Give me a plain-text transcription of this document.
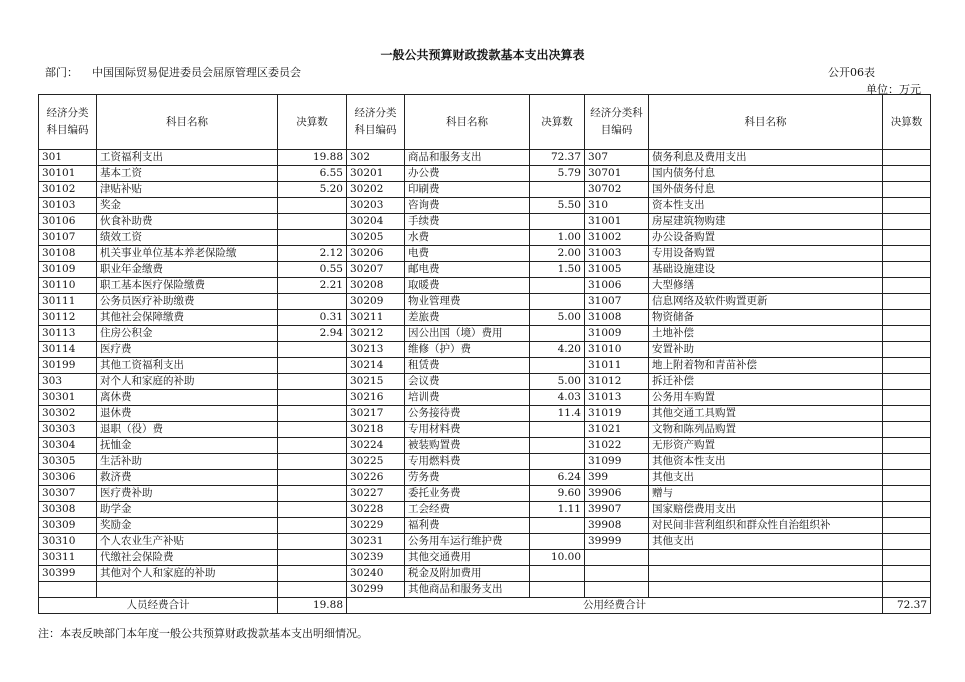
一般公共预算财政拨款基本支出决算表
部门： 中国国际贸易促进委员会屈原管理区委员会	公开06表
单位：万元
经济分类科目编码	科目名称	决算数	经济分类科目编码	科目名称	决算数	经济分类科目编码	科目名称	决算数
301	工资福利支出	19.88	302	商品和服务支出	72.37	307	债务利息及费用支出	
30101	基本工资	6.55	30201	办公费	5.79	30701	国内债务付息	
30102	津贴补贴	5.20	30202	印刷费		30702	国外债务付息	
30103	奖金		30203	咨询费	5.50	310	资本性支出	
30106	伙食补助费		30204	手续费		31001	房屋建筑物购建	
30107	绩效工资		30205	水费	1.00	31002	办公设备购置	
30108	机关事业单位基本养老保险缴	2.12	30206	电费	2.00	31003	专用设备购置	
30109	职业年金缴费	0.55	30207	邮电费	1.50	31005	基础设施建设	
30110	职工基本医疗保险缴费	2.21	30208	取暖费		31006	大型修缮	
30111	公务员医疗补助缴费		30209	物业管理费		31007	信息网络及软件购置更新	
30112	其他社会保障缴费	0.31	30211	差旅费	5.00	31008	物资储备	
30113	住房公积金	2.94	30212	因公出国（境）费用		31009	土地补偿	
30114	医疗费		30213	维修（护）费	4.20	31010	安置补助	
30199	其他工资福利支出		30214	租赁费		31011	地上附着物和青苗补偿	
303	对个人和家庭的补助		30215	会议费	5.00	31012	拆迁补偿	
30301	离休费		30216	培训费	4.03	31013	公务用车购置	
30302	退休费		30217	公务接待费	11.4	31019	其他交通工具购置	
30303	退职（役）费		30218	专用材料费		31021	文物和陈列品购置	
30304	抚恤金		30224	被装购置费		31022	无形资产购置	
30305	生活补助		30225	专用燃料费		31099	其他资本性支出	
30306	救济费		30226	劳务费	6.24	399	其他支出	
30307	医疗费补助		30227	委托业务费	9.60	39906	赠与	
30308	助学金		30228	工会经费	1.11	39907	国家赔偿费用支出	
30309	奖励金		30229	福利费		39908	对民间非营利组织和群众性自治组织补	
30310	个人农业生产补贴		30231	公务用车运行维护费		39999	其他支出	
30311	代缴社会保险费		30239	其他交通费用	10.00			
30399	其他对个人和家庭的补助		30240	税金及附加费用				
			30299	其他商品和服务支出				
人员经费合计		19.88	公用经费合计					72.37
注：本表反映部门本年度一般公共预算财政拨款基本支出明细情况。
